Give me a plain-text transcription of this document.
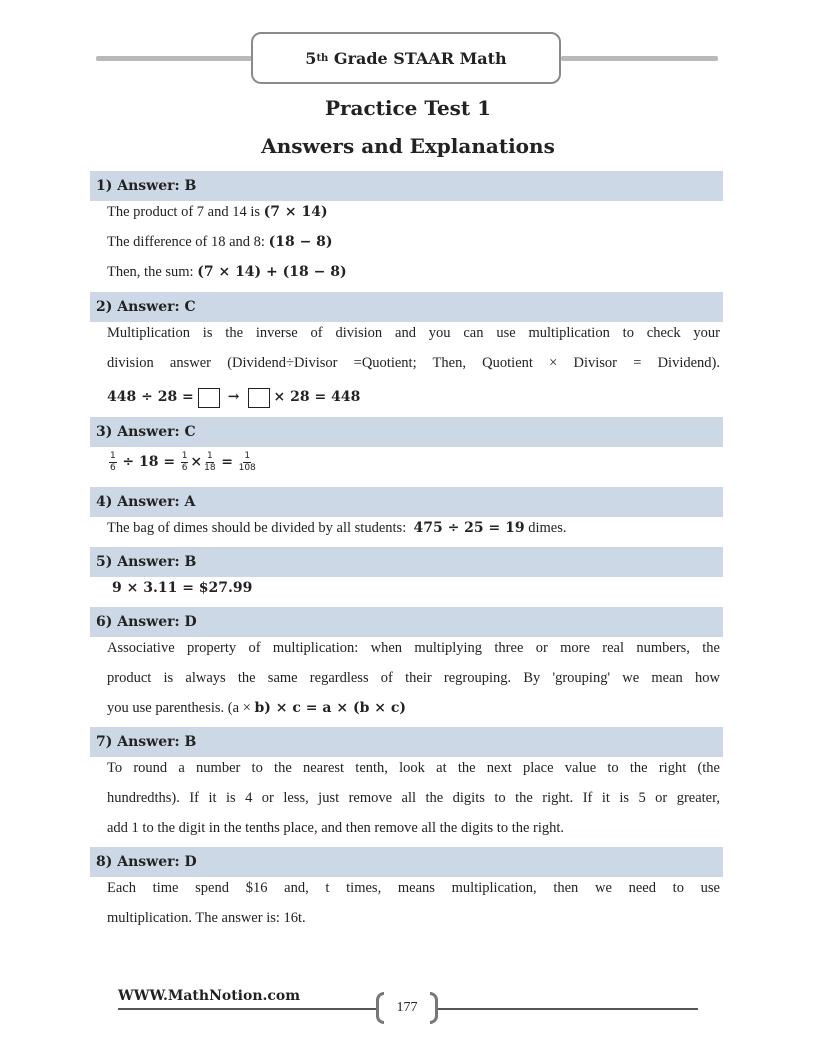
5 th Grade STAAR Math
Practice Test 1
Answers and Explanations
1) Answer: B
The product of 7 and 14 is (7 × 14)
The difference of 18 and 8: (18 − 8)
Then, the sum: (7 × 14) + (18 − 8)
2) Answer: C
Multiplication is the inverse of division and you can use multiplication to check your
division answer (Dividend÷Divisor =Quotient; Then, Quotient × Divisor = Dividend).
448 ÷ 28 = → × 28 = 448
3) Answer: C
$\frac{1}{6} \div 18 = \frac{1}{6} \times \frac{1}{18} = \frac{1}{108}$
4) Answer: A
The bag of dimes should be divided by all students:  475 ÷ 25 = 19 dimes.
5) Answer: B
9 × 3.11 = $27.99
6) Answer: D
Associative property of multiplication: when multiplying three or more real numbers, the
product is always the same regardless of their regrouping. By 'grouping' we mean how
you use parenthesis. (a × b) × c = a × (b × c)
7) Answer: B
To round a number to the nearest tenth, look at the next place value to the right (the
hundredths). If it is 4 or less, just remove all the digits to the right. If it is 5 or greater,
add 1 to the digit in the tenths place, and then remove all the digits to the right.
8) Answer: D
Each time spend $16 and, t times, means multiplication, then we need to use
multiplication. The answer is: 16t.
WWW.MathNotion.com
177
